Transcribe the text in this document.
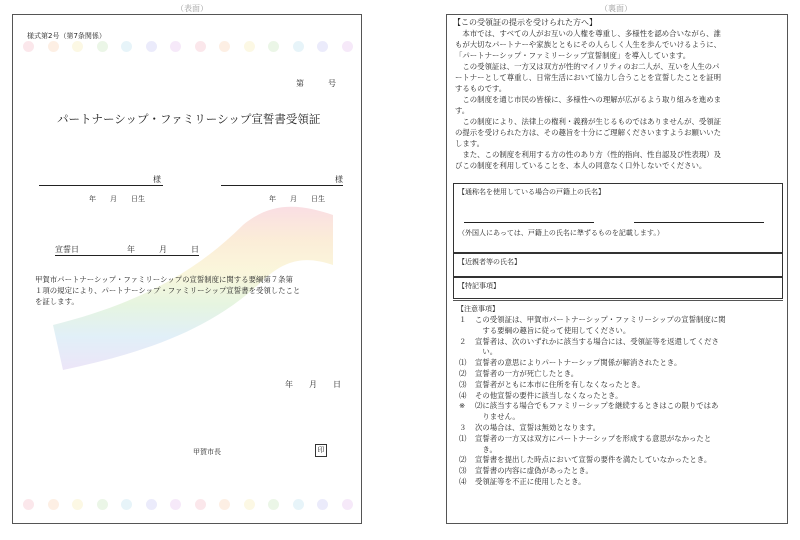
（表面）	（裏面）
様式第2号（第7条関係）
第　　　号
パートナーシップ・ファミリーシップ宣誓書受領証
様	様
年　　月　　日生	年　　月　　日生
宣誓日　　　　　　年　　　月　　　日
甲賀市パートナーシップ・ファミリーシップの宣誓制度に関する要綱第７条第
１項の規定により、パートナーシップ・ファミリーシップ宣誓書を受領したこと
を証します。
年　　月　　日
甲賀市長	印
【この受領証の提示を受けられた方へ】
　本市では、すべての人がお互いの人権を尊重し、多様性を認め合いながら、誰
もが大切なパートナーや家族とともにその人らしく人生を歩んでいけるように、
「パートナーシップ・ファミリーシップ宣誓制度」を導入しています。
　この受領証は、一方又は双方が性的マイノリティのお二人が、互いを人生のパ
ートナーとして尊重し、日常生活において協力し合うことを宣誓したことを証明
するものです。
　この制度を通じ市民の皆様に、多様性への理解が広がるよう取り組みを進めま
す。
　この制度により、法律上の権利・義務が生じるものではありませんが、受領証
の提示を受けられた方は、その趣旨を十分にご理解くださいますようお願いいた
します。
　また、この制度を利用する方の性のあり方（性的指向、性自認及び性表現）及
びこの制度を利用していることを、本人の同意なく口外しないでください。
【通称名を使用している場合の戸籍上の氏名】
（外国人にあっては、戸籍上の氏名に準ずるものを記載します。）
【近親者等の氏名】
【特記事項】
【注意事項】
１ この受領証は、甲賀市パートナーシップ・ファミリーシップの宣誓制度に関
　する要綱の趣旨に従って使用してください。
２ 宣誓者は、次のいずれかに該当する場合には、受領証等を返還してくださ
　い。
⑴ 宣誓者の意思によりパートナーシップ関係が解消されたとき。
⑵ 宣誓者の一方が死亡したとき。
⑶ 宣誓者がともに本市に住所を有しなくなったとき。
⑷ その他宣誓の要件に該当しなくなったとき。
※ ⑵に該当する場合でもファミリーシップを継続するときはこの限りではあ
　りません。
３ 次の場合は、宣誓は無効となります。
⑴ 宣誓者の一方又は双方にパートナーシップを形成する意思がなかったと
　き。
⑵ 宣誓書を提出した時点において宣誓の要件を満たしていなかったとき。
⑶ 宣誓書の内容に虚偽があったとき。
⑷ 受領証等を不正に使用したとき。
